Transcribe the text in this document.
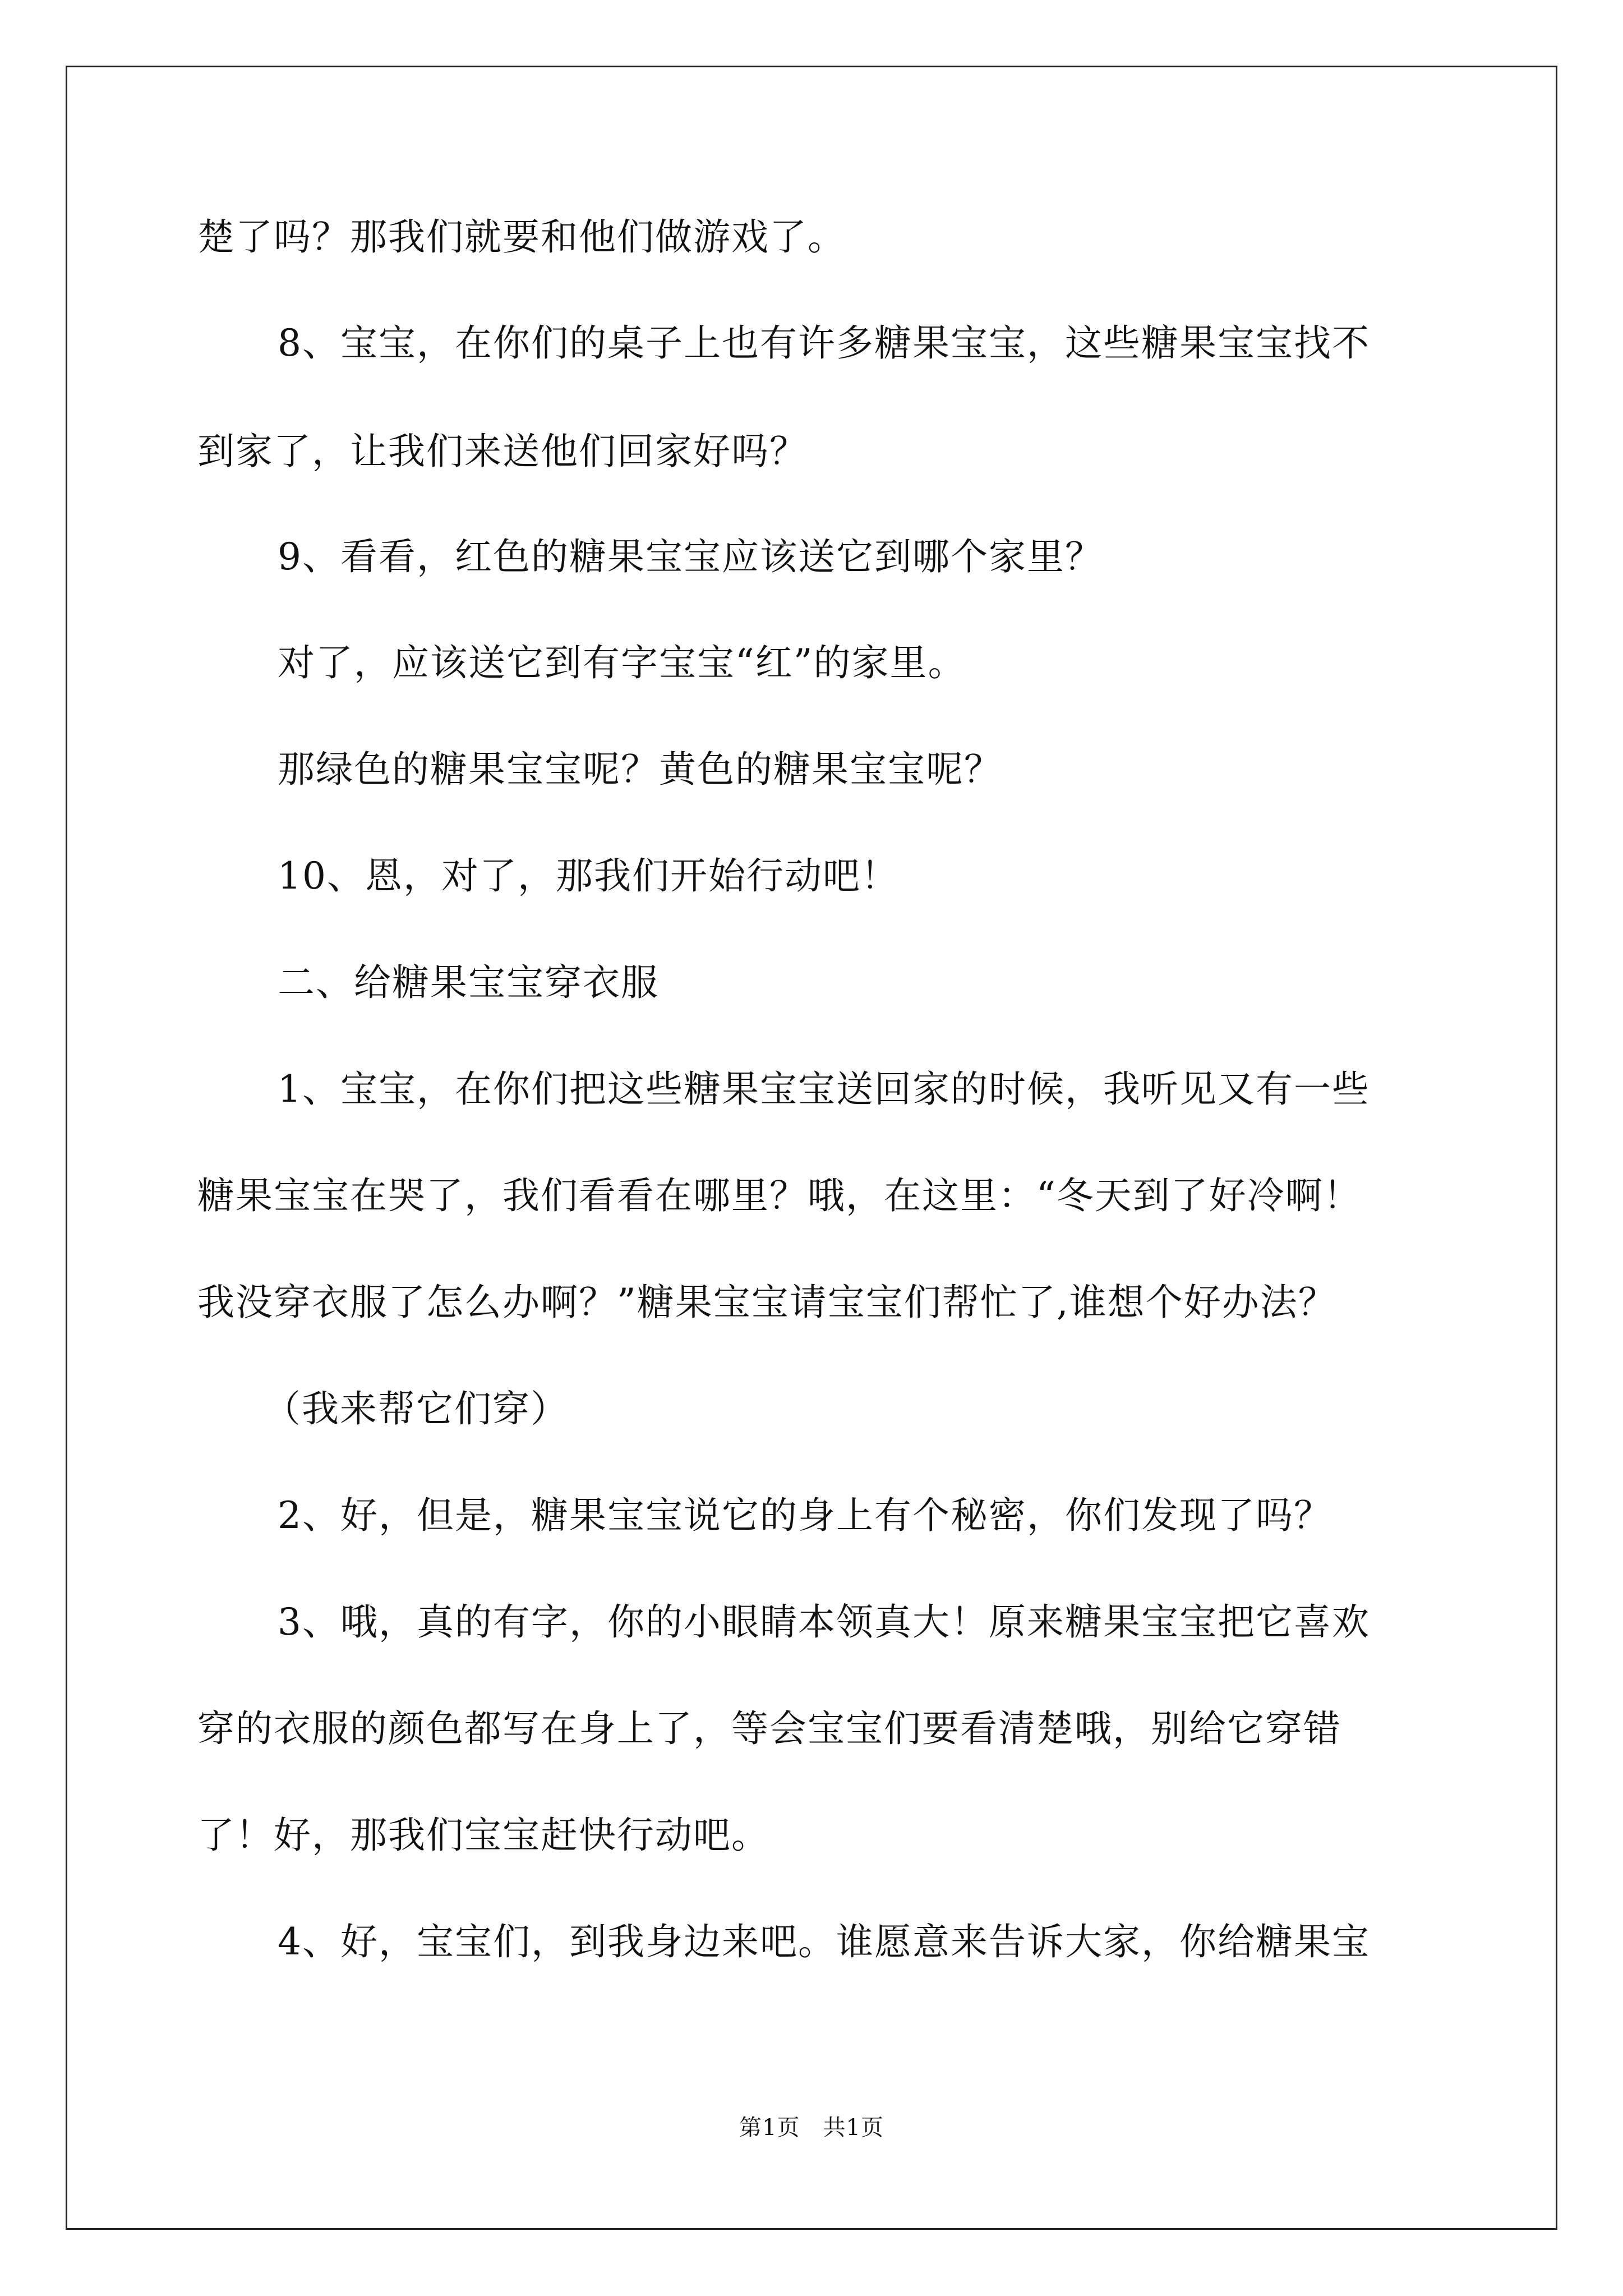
楚了吗？那我们就要和他们做游戏了。
8、宝宝，在你们的桌子上也有许多糖果宝宝，这些糖果宝宝找不
到家了，让我们来送他们回家好吗？
9、看看，红色的糖果宝宝应该送它到哪个家里？
对了，应该送它到有字宝宝“红”的家里。
那绿色的糖果宝宝呢？黄色的糖果宝宝呢？
10、恩，对了，那我们开始行动吧！
二、给糖果宝宝穿衣服
1、宝宝，在你们把这些糖果宝宝送回家的时候，我听见又有一些
糖果宝宝在哭了，我们看看在哪里？哦，在这里：“冬天到了好冷啊！
我没穿衣服了怎么办啊？”糖果宝宝请宝宝们帮忙了,谁想个好办法？
（我来帮它们穿）
2、好，但是，糖果宝宝说它的身上有个秘密，你们发现了吗？
3、哦，真的有字，你的小眼睛本领真大！原来糖果宝宝把它喜欢
穿的衣服的颜色都写在身上了，等会宝宝们要看清楚哦，别给它穿错
了！好，那我们宝宝赶快行动吧。
4、好，宝宝们，到我身边来吧。谁愿意来告诉大家，你给糖果宝
第1页　共1页
